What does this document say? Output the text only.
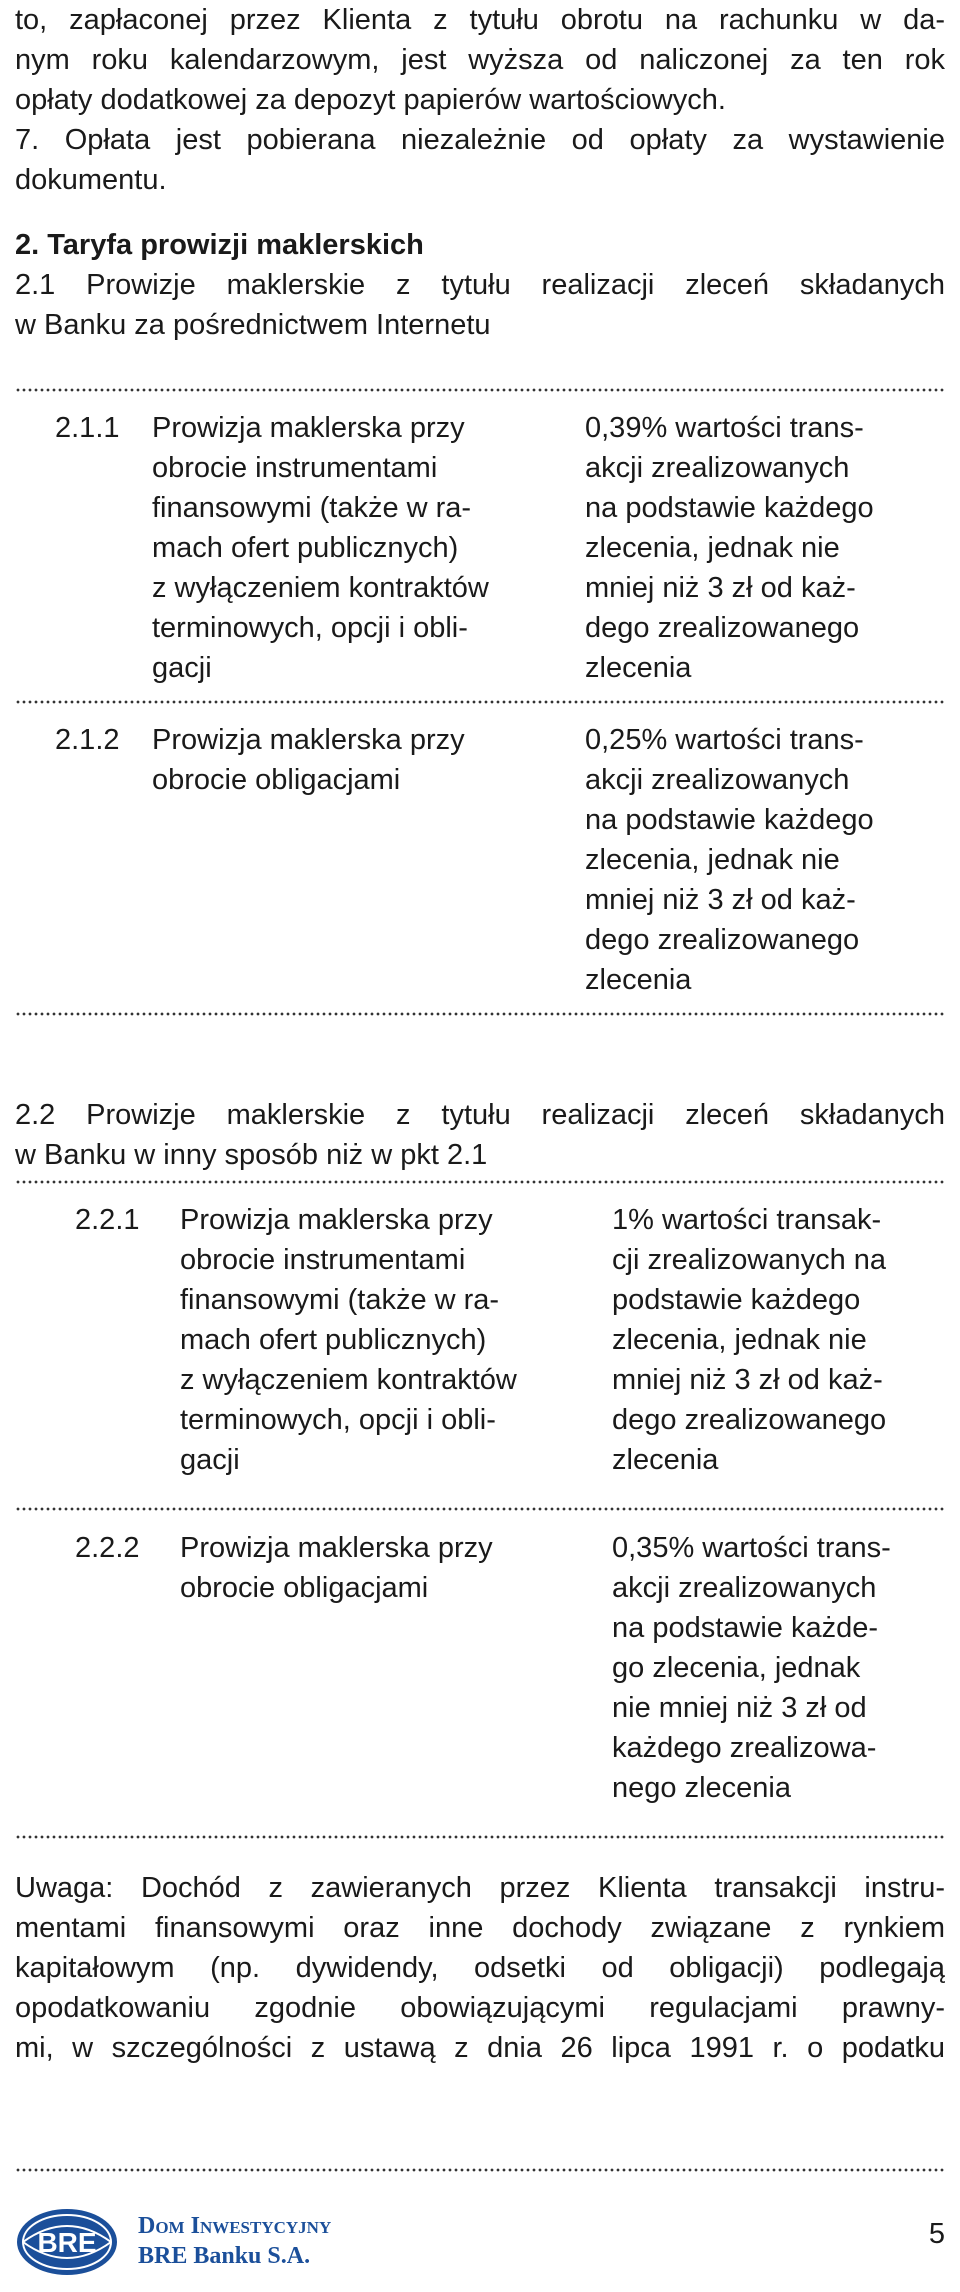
to, zapłaconej przez Klienta z tytułu obrotu na rachunku w da-
nym roku kalendarzowym, jest wyższa od naliczonej za ten rok
opłaty dodatkowej za depozyt papierów wartościowych.
7. Opłata jest pobierana niezależnie od opłaty za wystawienie
dokumentu.
2. Taryfa prowizji maklerskich
2.1 Prowizje maklerskie z tytułu realizacji zleceń składanych
w Banku za pośrednictwem Internetu
2.1.1 Prowizja maklerska przy
obrocie instrumentami
finansowymi (także w ra-
mach ofert publicznych)
z wyłączeniem kontraktów
terminowych, opcji i obli-
gacji
0,39% wartości trans-
akcji zrealizowanych
na podstawie każdego
zlecenia, jednak nie
mniej niż 3 zł od każ-
dego zrealizowanego
zlecenia
2.1.2 Prowizja maklerska przy
obrocie obligacjami
0,25% wartości trans-
akcji zrealizowanych
na podstawie każdego
zlecenia, jednak nie
mniej niż 3 zł od każ-
dego zrealizowanego
zlecenia
2.2 Prowizje maklerskie z tytułu realizacji zleceń składanych
w Banku w inny sposób niż w pkt 2.1
2.2.1 Prowizja maklerska przy
obrocie instrumentami
finansowymi (także w ra-
mach ofert publicznych)
z wyłączeniem kontraktów
terminowych, opcji i obli-
gacji
1% wartości transak-
cji zrealizowanych na
podstawie każdego
zlecenia, jednak nie
mniej niż 3 zł od każ-
dego zrealizowanego
zlecenia
2.2.2 Prowizja maklerska przy
obrocie obligacjami
0,35% wartości trans-
akcji zrealizowanych
na podstawie każde-
go zlecenia, jednak
nie mniej niż 3 zł od
każdego zrealizowa-
nego zlecenia
Uwaga: Dochód z zawieranych przez Klienta transakcji instru-
mentami finansowymi oraz inne dochody związane z rynkiem
kapitałowym (np. dywidendy, odsetki od obligacji) podlegają
opodatkowaniu zgodnie obowiązującymi regulacjami prawny-
mi, w szczególności z ustawą z dnia 26 lipca 1991 r. o podatku
BRE
Dom Inwestycyjny
BRE Banku S.A.
5
